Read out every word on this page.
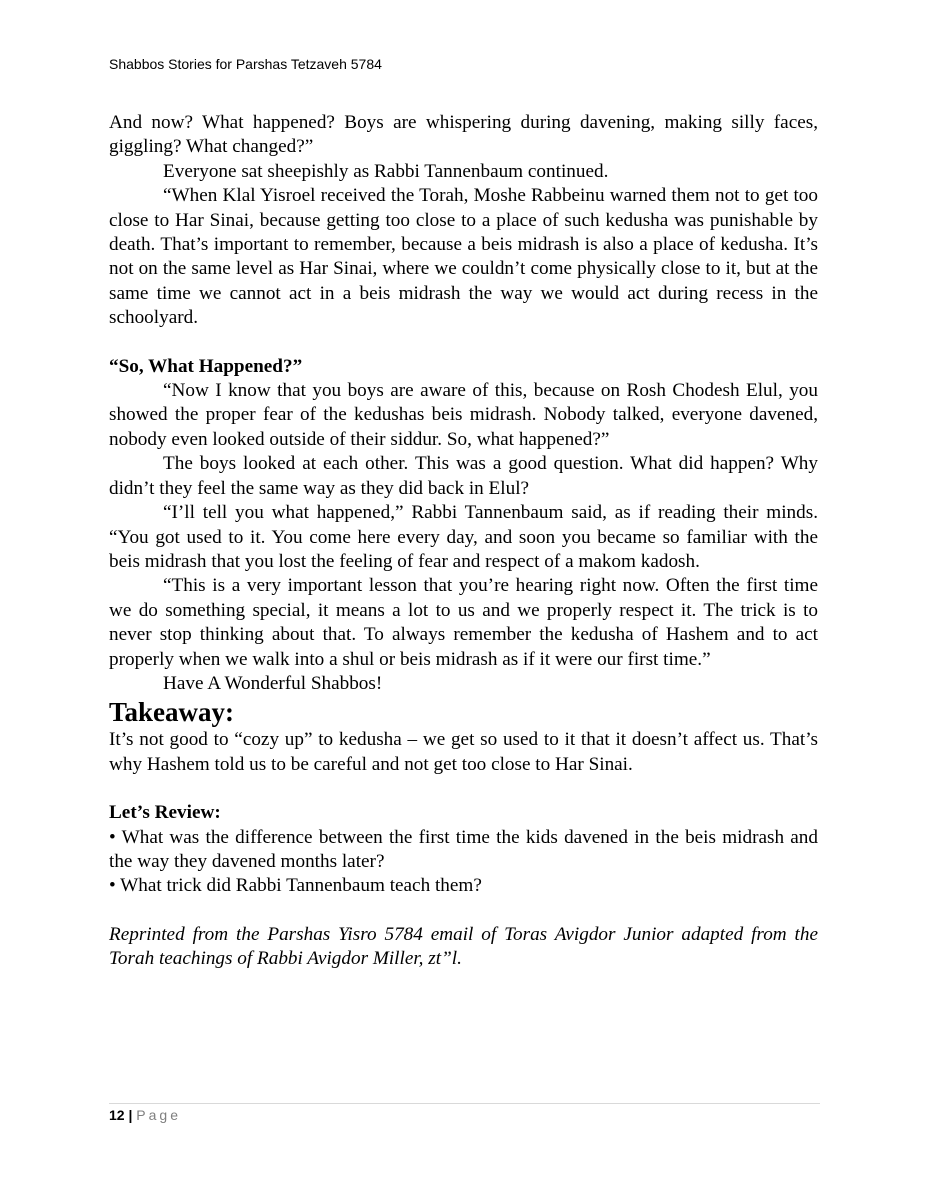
Shabbos Stories for Parshas Tetzaveh 5784

And now? What happened? Boys are whispering during davening, making silly faces, giggling? What changed?”

Everyone sat sheepishly as Rabbi Tannenbaum continued.

“When Klal Yisroel received the Torah, Moshe Rabbeinu warned them not to get too close to Har Sinai, because getting too close to a place of such kedusha was punishable by death. That’s important to remember, because a beis midrash is also a place of kedusha. It’s not on the same level as Har Sinai, where we couldn’t come physically close to it, but at the same time we cannot act in a beis midrash the way we would act during recess in the schoolyard.

“So, What Happened?”

“Now I know that you boys are aware of this, because on Rosh Chodesh Elul, you showed the proper fear of the kedushas beis midrash. Nobody talked, everyone davened, nobody even looked outside of their siddur. So, what happened?”

The boys looked at each other. This was a good question. What did happen? Why didn’t they feel the same way as they did back in Elul?

“I’ll tell you what happened,” Rabbi Tannenbaum said, as if reading their minds. “You got used to it. You come here every day, and soon you became so familiar with the beis midrash that you lost the feeling of fear and respect of a makom kadosh.

“This is a very important lesson that you’re hearing right now. Often the first time we do something special, it means a lot to us and we properly respect it. The trick is to never stop thinking about that. To always remember the kedusha of Hashem and to act properly when we walk into a shul or beis midrash as if it were our first time.”

Have A Wonderful Shabbos!

Takeaway:

It’s not good to “cozy up” to kedusha – we get so used to it that it doesn’t affect us. That’s why Hashem told us to be careful and not get too close to Har Sinai.

Let’s Review:

• What was the difference between the first time the kids davened in the beis midrash and the way they davened months later?

• What trick did Rabbi Tannenbaum teach them?

Reprinted from the Parshas Yisro 5784 email of Toras Avigdor Junior adapted from the Torah teachings of Rabbi Avigdor Miller, zt”l.

12 | Page
